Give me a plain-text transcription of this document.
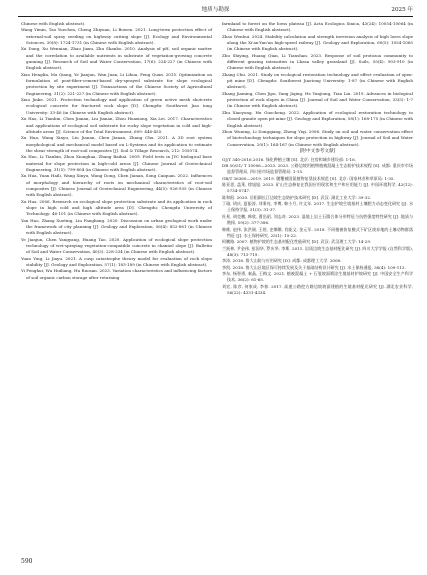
地质与勘探	2025 年

Chinese with English abstract).

Wang Yimin, Tao Yuechen, Cheng Zhiyuan, Li Bowen. 2021. Long-term protection effect of external-soil spray seeding on highway cutting slope [J]. Ecology and Environmental Sciences, 30(8): 1724-1731 (in Chinese with English abstract).

Xu Dong, Xu Wennian, Zhao Jiaxu, Zhu Shanbo. 2010. Analysis of pH, soil organic matter and the correlation to available nutrients in substrate of vegetation-growing concrete gunning [J]. Research of Soil and Water Conservation, 17(6): 224-227 (in Chinese with English abstract).

Xiao Henglin, Ma Qiang, Ye Jianjun, Wan Juan, Li Lihua, Peng Quan. 2015. Optimization on formulation of peat-fiber-cement-based dry-sprayed substrate for slope ecological protection by site experiment [J]. Transactions of the Chinese Society of Agricultural Engineering, 31(2): 221-227 (in Chinese with English abstract).

Xiao Jinke. 2021. Protection technology and application of green active mesh shotcrete ecological concrete for fractured rock slope [D]. Chengdu: Southwest Jiao tong University: 33-46 (in Chinese with English abstract).

Xu Hao, Li Tianbin, Chen Jianan, Liu Jianan, Zhou Huaxiong, Xia Lei. 2017. Characteristics and applications of ecological soil substrate for rocky slope vegetation in cold and high-altitude areas [J]. Science of the Total Environment, 609: 446-455.

Xu Hua, Wang Xinyu, Liu Jianan, Chen Jianan, Zhang Chu. 2021. A 3D root system morphological and mechanical model based on L-Systems and its application to estimate the shear strength of root-soil composites [J]. Soil & Tillage Research, 212: 105074.

Xu Hao, Li Tianbin, Zhou Xionghua, Zhang Baihai. 2009. Field tests in JYC biological base material for slope protection in high-cold areas [J]. Chinese Journal of Geotechnical Engineering, 31(5): 799-804 (in Chinese with English abstract).

Xu Hua, Yuan Haili, Wang Xinyu, Wang Dong, Chen Jianan, Song Caiquan. 2022. Influences of morphology and hierarchy of roots on mechanical characteristics of root-soil composites [J]. Chinese Journal of Geotechnical Engineering, 44(5): 926-935 (in Chinese with English abstract).

Xu Hua. 2006. Research on ecological slope protection substrate and its application in rock slope in high cold and high altitude area [D]. Chengdu: Chengdu University of Technology: 46-101 (in Chinese with English abstract).

Yan Hao, Zhang Xueting, Liu Fangliang. 2020. Discussion on urban geological work under the framework of city planning [J]. Geology and Exploration, 56(4): 852-861 (in Chinese with English abstract).

Ye Jianjun, Chen Yangyang, Huang Tao. 2020. Application of ecological slope protection technology of wet-spraying vegetation-compatible concrete in channel slope [J]. Bulletin of Soil and Water Conservation, 40(3): 228-234 (in Chinese with English abstract).

Yuan Ying, Li Jiayu. 2021. A cusp catastrophe theory model for evaluation of rock slope stability [J]. Geology and Exploration, 57(1): 183-189 (in Chinese with English abstract).

Yi Penghui, Wu Huiliang, Hu Ruosan. 2023. Variation characteristics and influencing factors of soil organic carbon storage after returning

farmland to forest on the loess plateau [J]. Acta Ecologica Sinica, 43(24): 10054-10064 (in Chinese with English abstract).

Zhao Wenhui. 2024. Stability calculation and strength inversion analysis of high loess slope along the Xi'an-Yan'an high-speed railway [J]. Geology and Exploration, 60(5): 1054-1065 (in Chinese with English abstract).

Zhu Shiying, Huang Qian, Li Tianshan. 2023. Response of soil protozoa community to different grazing intensities in Lhasa valley grassland [J]. Soils, 55(4): 903-910 (in Chinese with English abstract).

Zhang Chu. 2021. Study on ecological restoration technology and effect evaluation of open-pit mine [D]. Chengdu: Southwest Jiaotong University: 1-87 (in Chinese with English abstract).

Zhang Jiaming, Chen Jipu, Yang Jiqing, He Yunjiong, Tian Lin. 2019. Advances in biological protection of rock slopes in China [J]. Journal of Soil and Water Conservation, 33(5): 1-7 (in Chinese with English abstract).

Zhu Xiaoyong, Hu Guocheng. 2022. Application of ecological restoration technology to closed granite open pit mine [J]. Geology and Exploration, 58(1): 168-175 (in Chinese with English abstract).

Zhou Wuning, Li Dongqiang, Zheng Yiqi. 2006. Study on soil and water conservation effect of biotechnology techniques for slope protection in highway [J]. Journal of Soil and Water Conservation, 20(1): 164-167 (in Chinese with English abstract).

[附中文参考文献]

GJ/T 340-2016.2016. 绿化种植土壤 [S]. 北京: 住房和城乡建设部: 1-16.

DB 50/51/ T 10006—2023. 2023. 公路边坡用植物植被混凝土生态防护技术规程 [S]. 成都: 重庆市市场监督管理局, 四川省市场监督管理局: 1-15.

GB/T 36360—2019. 2019. 膜覆被固氮植物复垦技术规范 [S]. 北京: 国家林业和草原局: 1-35.

陈亚思, 盖莱, 徐旭旭. 2023. 矿山生态修复在我国应用现状和生产和应用能力 [J]. 中国环境科学, 42(12): 5734-5747.

陈和阳. 2020. 岳阳湖长江边坡生态防护技术研究 [D]. 武汉: 湖北工业大学: 39-32.

丁瑜, 胡庆, 夏振涛, 刘秉亮, 李博, 韩小月, 许文年. 2017. 生态护坡生境基材土壤肥力动态变化研究 [J]. 水土保持学报, 31(3): 31-37.

杜景, 胡克鹏, 韩欣, 曹迅昭, 刘志奇. 2023. 湿地上岩土石圆合体分形特征与抗剪强度特性研究 [J]. 地质与勘探, 59(2): 377-386.

韩维, 赵伟, 张洪刚, 王煜, 史娜娜, 肖能文, 金元军. 2018. 不同植被恢复模式下矿区废弃地的土壤动物群落特征 [J]. 水土保持研究, 25(1): 15-22.

柯鹏路. 2007. 植物护坡的生态基材配化性能研究 [D]. 武汉: 武汉理工大学: 14-29.

兰跃林, 尹金伟, 彭国华, 罗庆华, 李斯. 2011. 岩质边坡生态基材配比研究 [J]. 四川大学学报 (自然科学版), 48(3): 713-719.

李涛. 2018. 鲁大山防与应用研究 [D]. 成都: 成都理工大学. 2008.

李凯. 2018. 鲁大山区地区保可持续发展及关于基础结构设计研究 [J]. 水土保持通报, 38(4): 109-113.

李东, 杨智勇, 秦晶, 王梅文. 2021. 植被混凝土 + 石笼坡面喷涂生境基材护坡研究 [J]. 中国安全生产科学技术, 36(2): 61-65.

刘宏, 陈彦, 何家成, 李春. 2017. 高速公路挖方路边坡坡面建植的生境基材配比研究 [J]. 湖北农业科学, 56(22): 4331-4334.

590
